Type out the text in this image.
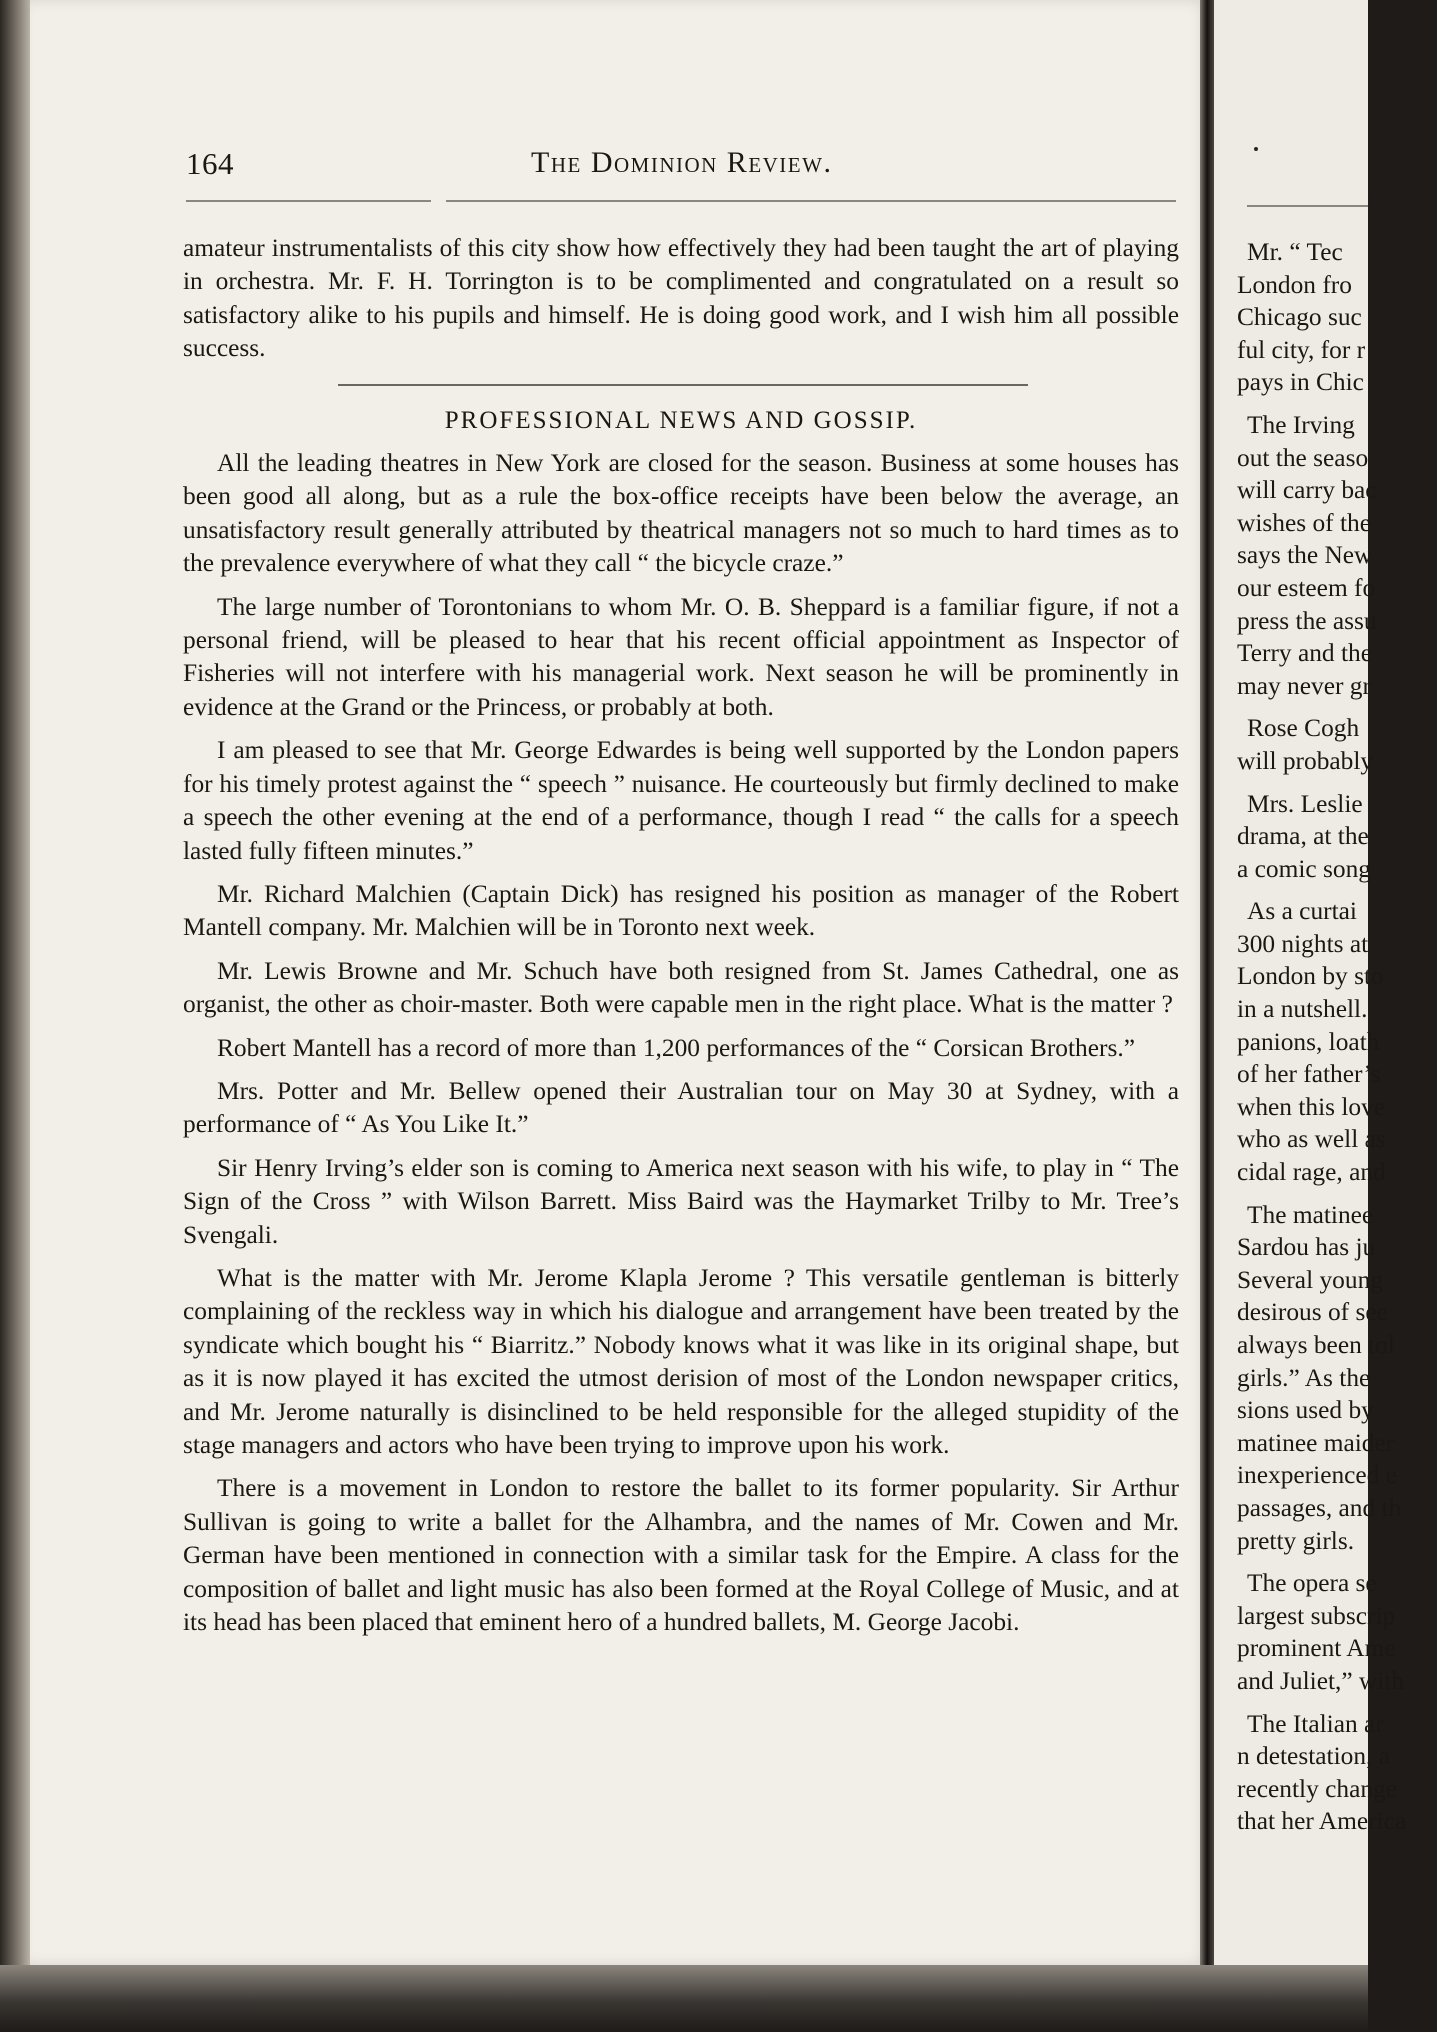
164	The Dominion Review.

amateur instrumentalists of this city show how effectively they had been taught the art of playing in orchestra. Mr. F. H. Torrington is to be complimented and congratulated on a result so satisfactory alike to his pupils and himself. He is doing good work, and I wish him all possible success.

PROFESSIONAL NEWS AND GOSSIP.

All the leading theatres in New York are closed for the season. Business at some houses has been good all along, but as a rule the box-office receipts have been below the average, an unsatisfactory result generally attributed by theatrical managers not so much to hard times as to the prevalence everywhere of what they call “ the bicycle craze.”

The large number of Torontonians to whom Mr. O. B. Sheppard is a familiar figure, if not a personal friend, will be pleased to hear that his recent official appointment as Inspector of Fisheries will not interfere with his managerial work. Next season he will be prominently in evidence at the Grand or the Princess, or probably at both.

I am pleased to see that Mr. George Edwardes is being well supported by the London papers for his timely protest against the “ speech ” nuisance. He courteously but firmly declined to make a speech the other evening at the end of a performance, though I read “ the calls for a speech lasted fully fifteen minutes.”

Mr. Richard Malchien (Captain Dick) has resigned his position as manager of the Robert Mantell company. Mr. Malchien will be in Toronto next week.

Mr. Lewis Browne and Mr. Schuch have both resigned from St. James Cathedral, one as organist, the other as choir-master. Both were capable men in the right place. What is the matter ?

Robert Mantell has a record of more than 1,200 performances of the “ Corsican Brothers.”

Mrs. Potter and Mr. Bellew opened their Australian tour on May 30 at Sydney, with a performance of “ As You Like It.”

Sir Henry Irving’s elder son is coming to America next season with his wife, to play in “ The Sign of the Cross ” with Wilson Barrett. Miss Baird was the Haymarket Trilby to Mr. Tree’s Svengali.

What is the matter with Mr. Jerome Klapla Jerome ? This versatile gentleman is bitterly complaining of the reckless way in which his dialogue and arrangement have been treated by the syndicate which bought his “ Biarritz.” Nobody knows what it was like in its original shape, but as it is now played it has excited the utmost derision of most of the London newspaper critics, and Mr. Jerome naturally is disinclined to be held responsible for the alleged stupidity of the stage managers and actors who have been trying to improve upon his work.

There is a movement in London to restore the ballet to its former popularity. Sir Arthur Sullivan is going to write a ballet for the Alhambra, and the names of Mr. Cowen and Mr. German have been mentioned in connection with a similar task for the Empire. A class for the composition of ballet and light music has also been formed at the Royal College of Music, and at its head has been placed that eminent hero of a hundred ballets, M. George Jacobi.

Mr. “ Tec
London fro
Chicago suc
ful city, for r
pays in Chic
The Irving
out the seaso
will carry bac
wishes of the
says the New
our esteem fo
press the assu
Terry and the
may never gr
Rose Cogh
will probably
Mrs. Leslie
drama, at the
a comic song
As a curtai
300 nights at
London by sto
in a nutshell.
panions, loath
of her father’s
when this love
who as well as
cidal rage, and
The matinee
Sardou has ju
Several young
desirous of see
always been tol
girls.” As the
sions used by
matinee maider
inexperienced e
passages, and th
pretty girls.
The opera se
largest subscrip
prominent Ame
and Juliet,” with
The Italian ar
n detestation, a
recently change
that her America
